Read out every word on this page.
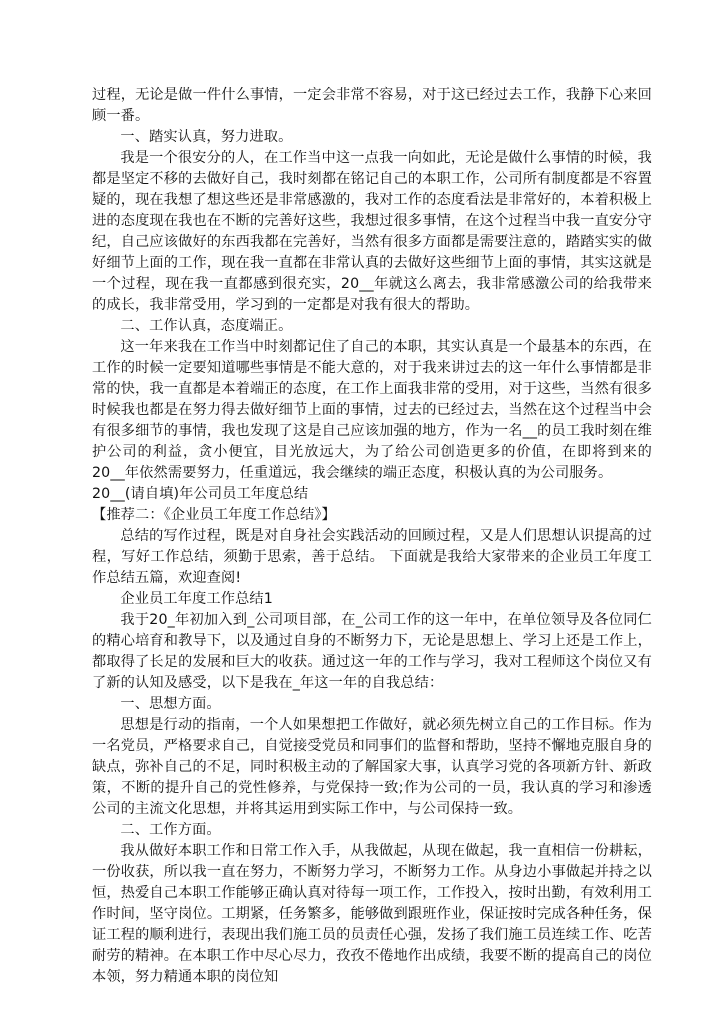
过程，无论是做一件什么事情，一定会非常不容易，对于这已经过去工作，我静下心来回顾一番。

一、踏实认真，努力进取。

我是一个很安分的人，在工作当中这一点我一向如此，无论是做什么事情的时候，我都是坚定不移的去做好自己，我时刻都在铭记自己的本职工作，公司所有制度都是不容置疑的，现在我想了想这些还是非常感激的，我对工作的态度看法是非常好的，本着积极上进的态度现在我也在不断的完善好这些，我想过很多事情，在这个过程当中我一直安分守纪，自己应该做好的东西我都在完善好，当然有很多方面都是需要注意的，踏踏实实的做好细节上面的工作，现在我一直都在非常认真的去做好这些细节上面的事情，其实这就是一个过程，现在我一直都感到很充实，20__年就这么离去，我非常感激公司的给我带来的成长，我非常受用，学习到的一定都是对我有很大的帮助。

二、工作认真，态度端正。

这一年来我在工作当中时刻都记住了自己的本职，其实认真是一个最基本的东西，在工作的时候一定要知道哪些事情是不能大意的，对于我来讲过去的这一年什么事情都是非常的快，我一直都是本着端正的态度，在工作上面我非常的受用，对于这些，当然有很多时候我也都是在努力得去做好细节上面的事情，过去的已经过去，当然在这个过程当中会有很多细节的事情，我也发现了这是自己应该加强的地方，作为一名__的员工我时刻在维护公司的利益，贪小便宜，目光放远大，为了给公司创造更多的价值，在即将到来的20__年依然需要努力，任重道远，我会继续的端正态度，积极认真的为公司服务。

20__(请自填)年公司员工年度总结

【推荐二：《企业员工年度工作总结》】

总结的写作过程，既是对自身社会实践活动的回顾过程，又是人们思想认识提高的过程，写好工作总结，须勤于思索，善于总结。 下面就是我给大家带来的企业员工年度工作总结五篇，欢迎查阅!

企业员工年度工作总结1

我于20_年初加入到_公司项目部，在_公司工作的这一年中，在单位领导及各位同仁的精心培育和教导下，以及通过自身的不断努力下，无论是思想上、学习上还是工作上，都取得了长足的发展和巨大的收获。通过这一年的工作与学习，我对工程师这个岗位又有了新的认知及感受，以下是我在_年这一年的自我总结：

一、思想方面。

思想是行动的指南，一个人如果想把工作做好，就必须先树立自己的工作目标。作为一名党员，严格要求自己，自觉接受党员和同事们的监督和帮助，坚持不懈地克服自身的缺点，弥补自己的不足，同时积极主动的了解国家大事，认真学习党的各项新方针、新政策，不断的提升自己的党性修养，与党保持一致;作为公司的一员，我认真的学习和渗透公司的主流文化思想，并将其运用到实际工作中，与公司保持一致。

二、工作方面。

我从做好本职工作和日常工作入手，从我做起，从现在做起，我一直相信一份耕耘，一份收获，所以我一直在努力，不断努力学习，不断努力工作。从身边小事做起并持之以恒，热爱自己本职工作能够正确认真对待每一项工作，工作投入，按时出勤，有效利用工作时间，坚守岗位。工期紧，任务繁多，能够做到跟班作业，保证按时完成各种任务，保证工程的顺利进行，表现出我们施工员的员责任心强，发扬了我们施工员连续工作、吃苦耐劳的精神。在本职工作中尽心尽力，孜孜不倦地作出成绩，我要不断的提高自己的岗位本领，努力精通本职的岗位知
